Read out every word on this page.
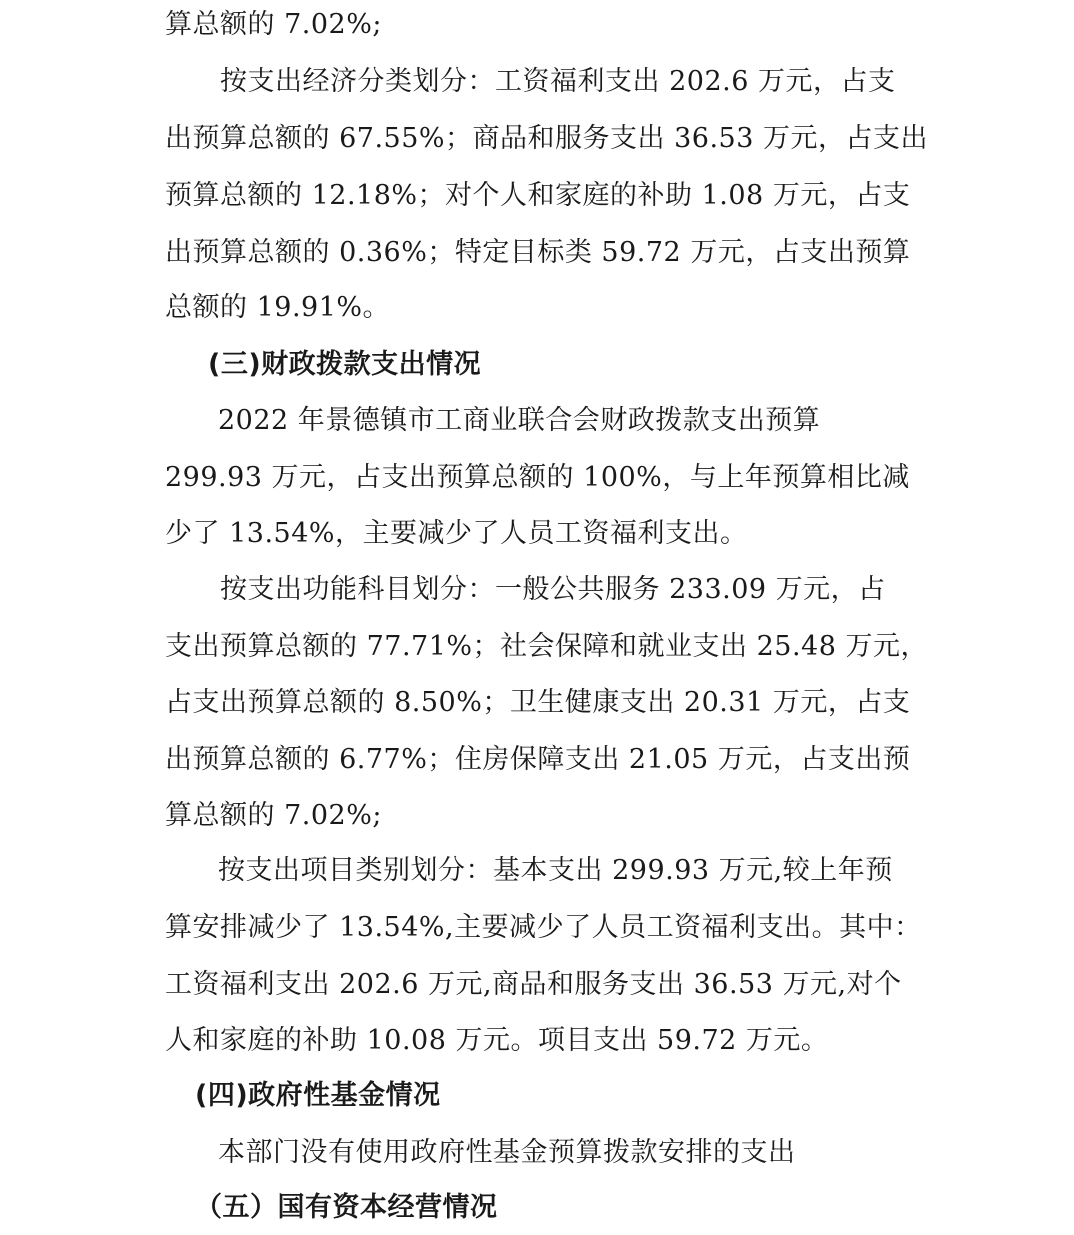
算总额的 7.02%;
按支出经济分类划分：工资福利支出 202.6 万元，占支
出预算总额的 67.55%；商品和服务支出 36.53 万元，占支出
预算总额的 12.18%；对个人和家庭的补助 1.08 万元，占支
出预算总额的 0.36%；特定目标类 59.72 万元，占支出预算
总额的 19.91%。
(三)财政拨款支出情况
2022 年景德镇市工商业联合会财政拨款支出预算
299.93 万元，占支出预算总额的 100%，与上年预算相比减
少了 13.54%，主要减少了人员工资福利支出。
按支出功能科目划分：一般公共服务 233.09 万元，占
支出预算总额的 77.71%；社会保障和就业支出 25.48 万元，
占支出预算总额的 8.50%；卫生健康支出 20.31 万元，占支
出预算总额的 6.77%；住房保障支出 21.05 万元，占支出预
算总额的 7.02%;
按支出项目类别划分：基本支出 299.93 万元,较上年预
算安排减少了 13.54%,主要减少了人员工资福利支出。其中：
工资福利支出 202.6 万元,商品和服务支出 36.53 万元,对个
人和家庭的补助 10.08 万元。项目支出 59.72 万元。
(四)政府性基金情况
本部门没有使用政府性基金预算拨款安排的支出
（五）国有资本经营情况
